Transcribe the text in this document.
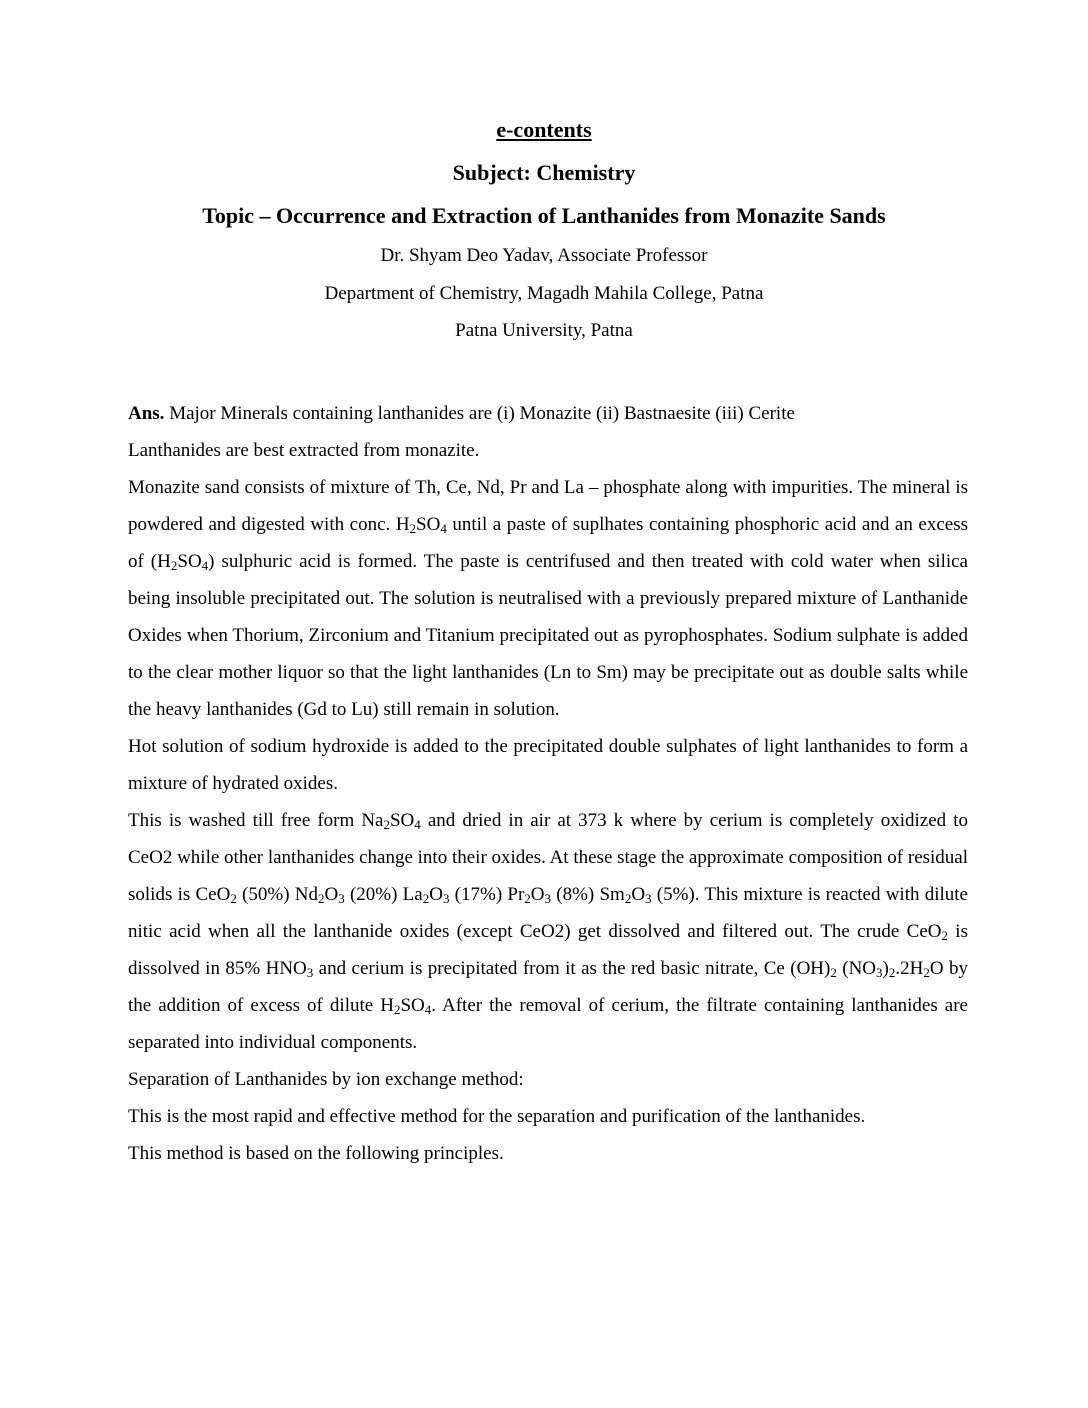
e-contents
Subject: Chemistry
Topic – Occurrence and Extraction of Lanthanides from Monazite Sands
Dr. Shyam Deo Yadav, Associate Professor
Department of Chemistry, Magadh Mahila College, Patna
Patna University, Patna

Ans. Major Minerals containing lanthanides are (i) Monazite (ii) Bastnaesite (iii) Cerite

Lanthanides are best extracted from monazite.

Monazite sand consists of mixture of Th, Ce, Nd, Pr and La – phosphate along with impurities. The mineral is powdered and digested with conc. $H_2SO_4$ until a paste of suplhates containing phosphoric acid and an excess of $(H_2SO_4)$ sulphuric acid is formed. The paste is centrifused and then treated with cold water when silica being insoluble precipitated out. The solution is neutralised with a previously prepared mixture of Lanthanide Oxides when Thorium, Zirconium and Titanium precipitated out as pyrophosphates. Sodium sulphate is added to the clear mother liquor so that the light lanthanides (Ln to Sm) may be precipitate out as double salts while the heavy lanthanides (Gd to Lu) still remain in solution.

Hot solution of sodium hydroxide is added to the precipitated double sulphates of light lanthanides to form a mixture of hydrated oxides.

This is washed till free form $Na_2SO_4$ and dried in air at 373 k where by cerium is completely oxidized to CeO2 while other lanthanides change into their oxides. At these stage the approximate composition of residual solids is CeO$_2$ (50%) $Nd_2O_3$ (20%) $La_2O_3$ (17%) $Pr_2O_3$ (8%) $Sm_2O_3$ (5%). This mixture is reacted with dilute nitic acid when all the lanthanide oxides (except CeO2) get dissolved and filtered out. The crude CeO$_2$ is dissolved in 85% $HNO_3$ and cerium is precipitated from it as the red basic nitrate, Ce $(OH)_2$ $(NO_3)_2.2H_2O$ by the addition of excess of dilute $H_2SO_4$. After the removal of cerium, the filtrate containing lanthanides are separated into individual components.

Separation of Lanthanides by ion exchange method:

This is the most rapid and effective method for the separation and purification of the lanthanides.

This method is based on the following principles.
